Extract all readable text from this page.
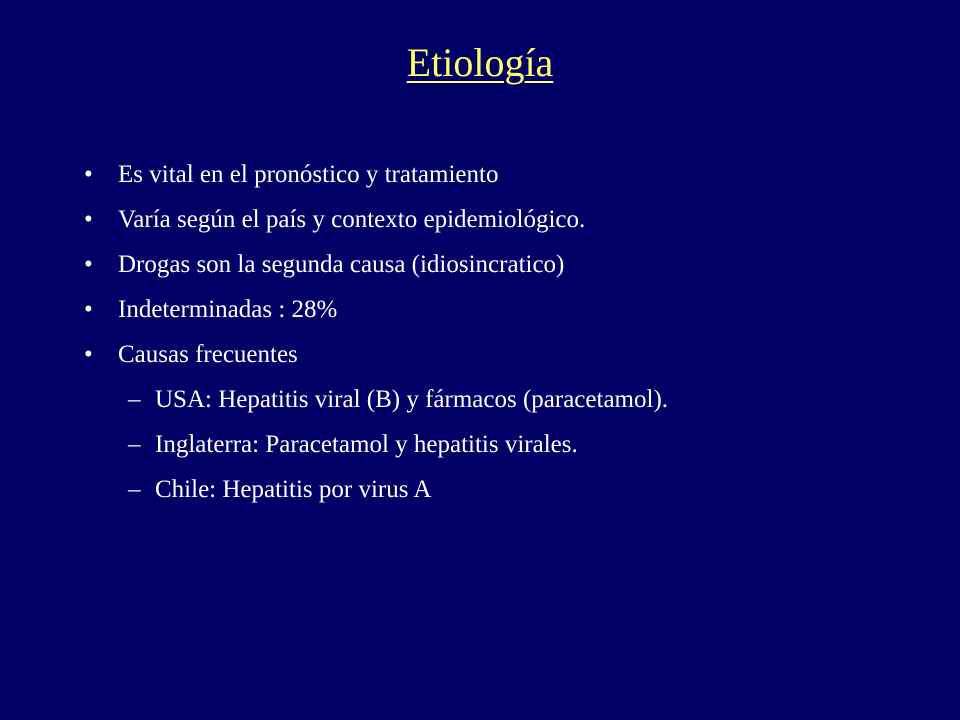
Etiología
• Es vital en el pronóstico y tratamiento
• Varía según el país y contexto epidemiológico.
• Drogas son la segunda causa (idiosincratico)
• Indeterminadas : 28%
• Causas frecuentes
– USA: Hepatitis viral (B) y fármacos (paracetamol).
– Inglaterra: Paracetamol y hepatitis virales.
– Chile: Hepatitis por virus A
